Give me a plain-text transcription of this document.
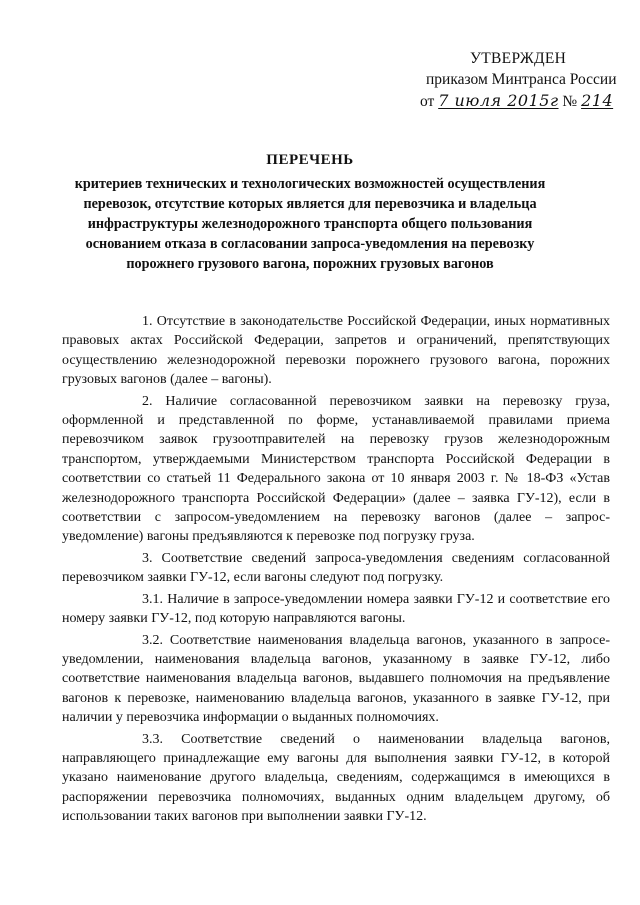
УТВЕРЖДЕН
приказом Минтранса России
от 7 июля 2015г № 214
ПЕРЕЧЕНЬ
критериев технических и технологических возможностей осуществления перевозок, отсутствие которых является для перевозчика и владельца инфраструктуры железнодорожного транспорта общего пользования основанием отказа в согласовании запроса-уведомления на перевозку порожнего грузового вагона, порожних грузовых вагонов

1. Отсутствие в законодательстве Российской Федерации, иных нормативных правовых актах Российской Федерации, запретов и ограничений, препятствующих осуществлению железнодорожной перевозки порожнего грузового вагона, порожних грузовых вагонов (далее – вагоны).

2. Наличие согласованной перевозчиком заявки на перевозку груза, оформленной и представленной по форме, устанавливаемой правилами приема перевозчиком заявок грузоотправителей на перевозку грузов железнодорожным транспортом, утверждаемыми Министерством транспорта Российской Федерации в соответствии со статьей 11 Федерального закона от 10 января 2003 г. № 18-ФЗ «Устав железнодорожного транспорта Российской Федерации» (далее – заявка ГУ-12), если в соответствии с запросом-уведомлением на перевозку вагонов (далее – запрос-уведомление) вагоны предъявляются к перевозке под погрузку груза.

3. Соответствие сведений запроса-уведомления сведениям согласованной перевозчиком заявки ГУ-12, если вагоны следуют под погрузку.

3.1. Наличие в запросе-уведомлении номера заявки ГУ-12 и соответствие его номеру заявки ГУ-12, под которую направляются вагоны.

3.2. Соответствие наименования владельца вагонов, указанного в запросе-уведомлении, наименования владельца вагонов, указанному в заявке ГУ-12, либо соответствие наименования владельца вагонов, выдавшего полномочия на предъявление вагонов к перевозке, наименованию владельца вагонов, указанного в заявке ГУ-12, при наличии у перевозчика информации о выданных полномочиях.

3.3. Соответствие сведений о наименовании владельца вагонов, направляющего принадлежащие ему вагоны для выполнения заявки ГУ-12, в которой указано наименование другого владельца, сведениям, содержащимся в имеющихся в распоряжении перевозчика полномочиях, выданных одним владельцем другому, об использовании таких вагонов при выполнении заявки ГУ-12.
